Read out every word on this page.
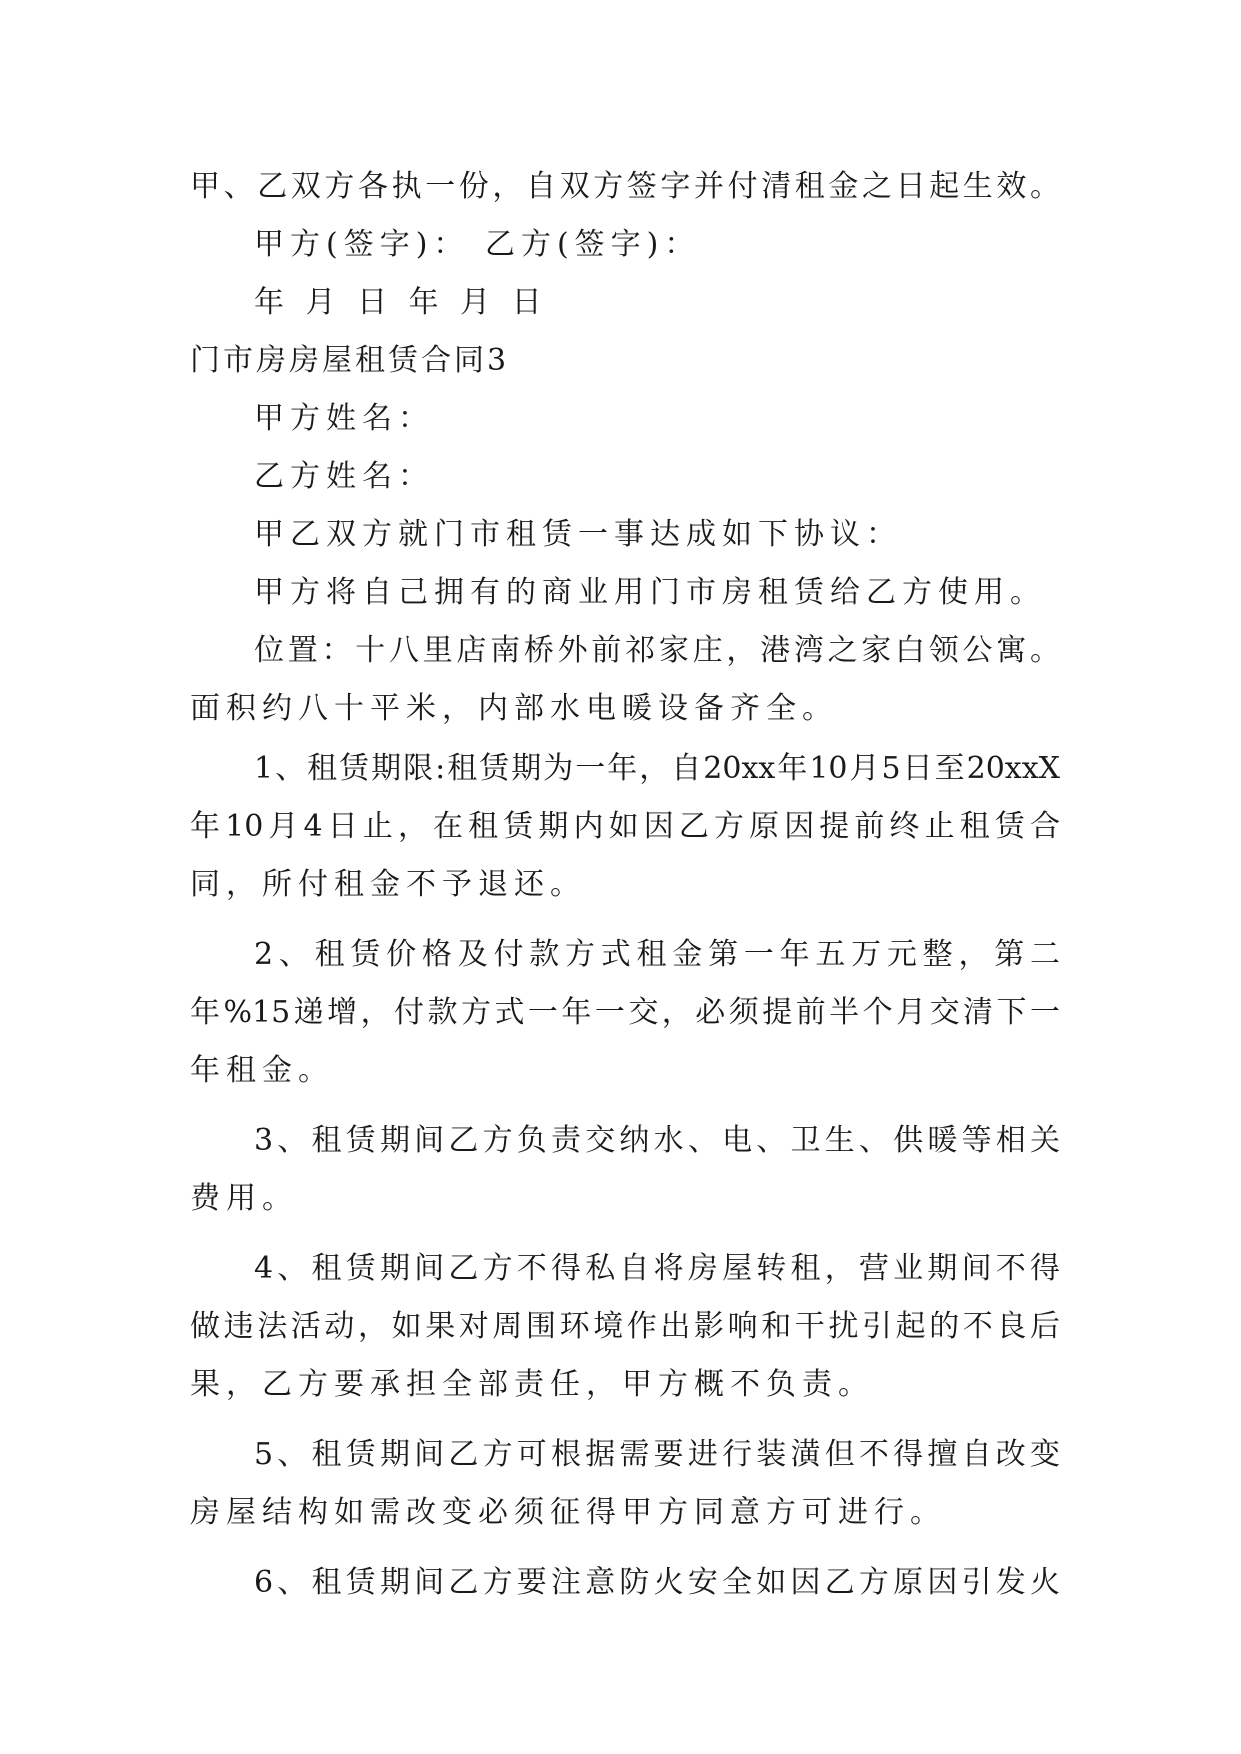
甲、乙双方各执一份，自双方签字并付清租金之日起生效。
甲方(签字)： 乙方(签字)：
年 月 日 年 月 日
门市房房屋租赁合同3
甲方姓名：
乙方姓名：
甲乙双方就门市租赁一事达成如下协议：
甲方将自己拥有的商业用门市房租赁给乙方使用。
位置：十八里店南桥外前祁家庄，港湾之家白领公寓。
面积约八十平米，内部水电暖设备齐全。
1、租赁期限:租赁期为一年，自20xx年10月5日至20xxX
年10月4日止，在租赁期内如因乙方原因提前终止租赁合
同，所付租金不予退还。
2、租赁价格及付款方式租金第一年五万元整，第二
年%15递增，付款方式一年一交，必须提前半个月交清下一
年租金。
3、租赁期间乙方负责交纳水、电、卫生、供暖等相关
费用。
4、租赁期间乙方不得私自将房屋转租，营业期间不得
做违法活动，如果对周围环境作出影响和干扰引起的不良后
果，乙方要承担全部责任，甲方概不负责。
5、租赁期间乙方可根据需要进行装潢但不得擅自改变
房屋结构如需改变必须征得甲方同意方可进行。
6、租赁期间乙方要注意防火安全如因乙方原因引发火
